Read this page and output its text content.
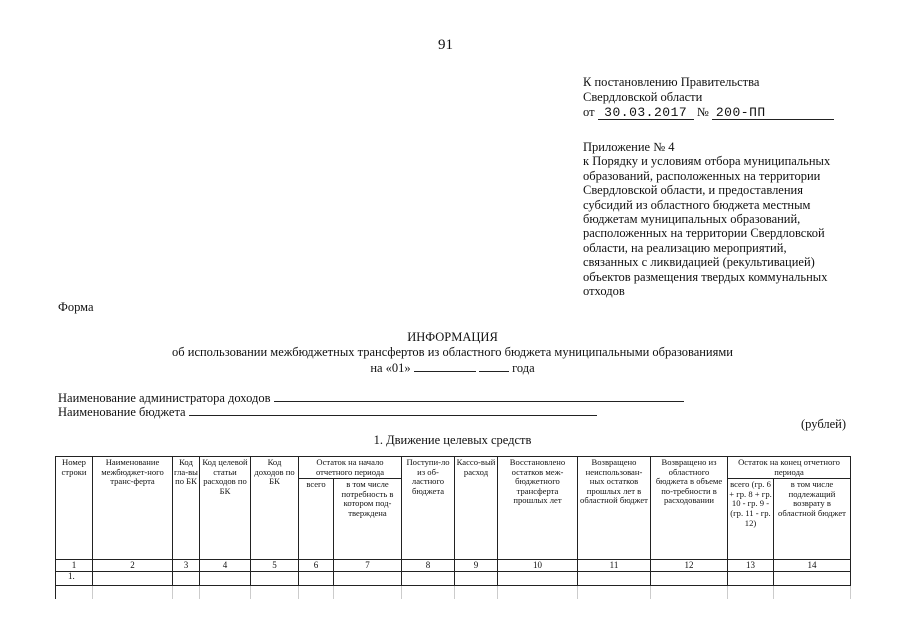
91
К постановлению Правительства
Свердловской области
от 30.03.2017 № 200-ПП
Приложение № 4
к Порядку и условиям отбора муниципальных
образований, расположенных на территории
Свердловской области, и предоставления
субсидий из областного бюджета местным
бюджетам муниципальных образований,
расположенных на территории Свердловской
области, на реализацию мероприятий,
связанных с ликвидацией (рекультивацией)
объектов размещения твердых коммунальных
отходов
Форма
ИНФОРМАЦИЯ
об использовании межбюджетных трансфертов из областного бюджета муниципальными образованиями
на «01»	года
Наименование администратора доходов
Наименование бюджета
(рублей)
1. Движение целевых средств
Номер строки	Наименование межбюджет-ного транс-ферта	Код гла-вы по БК	Код целевой статьи расходов по БК	Код доходов по БК	Остаток на начало отчетного периода		Поступи-ло из об-ластного бюджета	Кассо-вый расход	Восстановлено остатков меж-бюджетного трансферта прошлых лет	Возвращено неиспользован-ных остатков прошлых лет в областной бюджет	Возвращено из областного бюджета в объеме по-требности в расходовании	Остаток на конец отчетного периода	
					всего	в том числе потребность в котором под-тверждена						всего (гр. 6 + гр. 8 + гр. 10 - гр. 9 - (гр. 11 - гр. 12)	в том числе подлежащий возврату в областной бюджет
1	2	3	4	5	6	7	8	9	10	11	12	13	14
1.													
